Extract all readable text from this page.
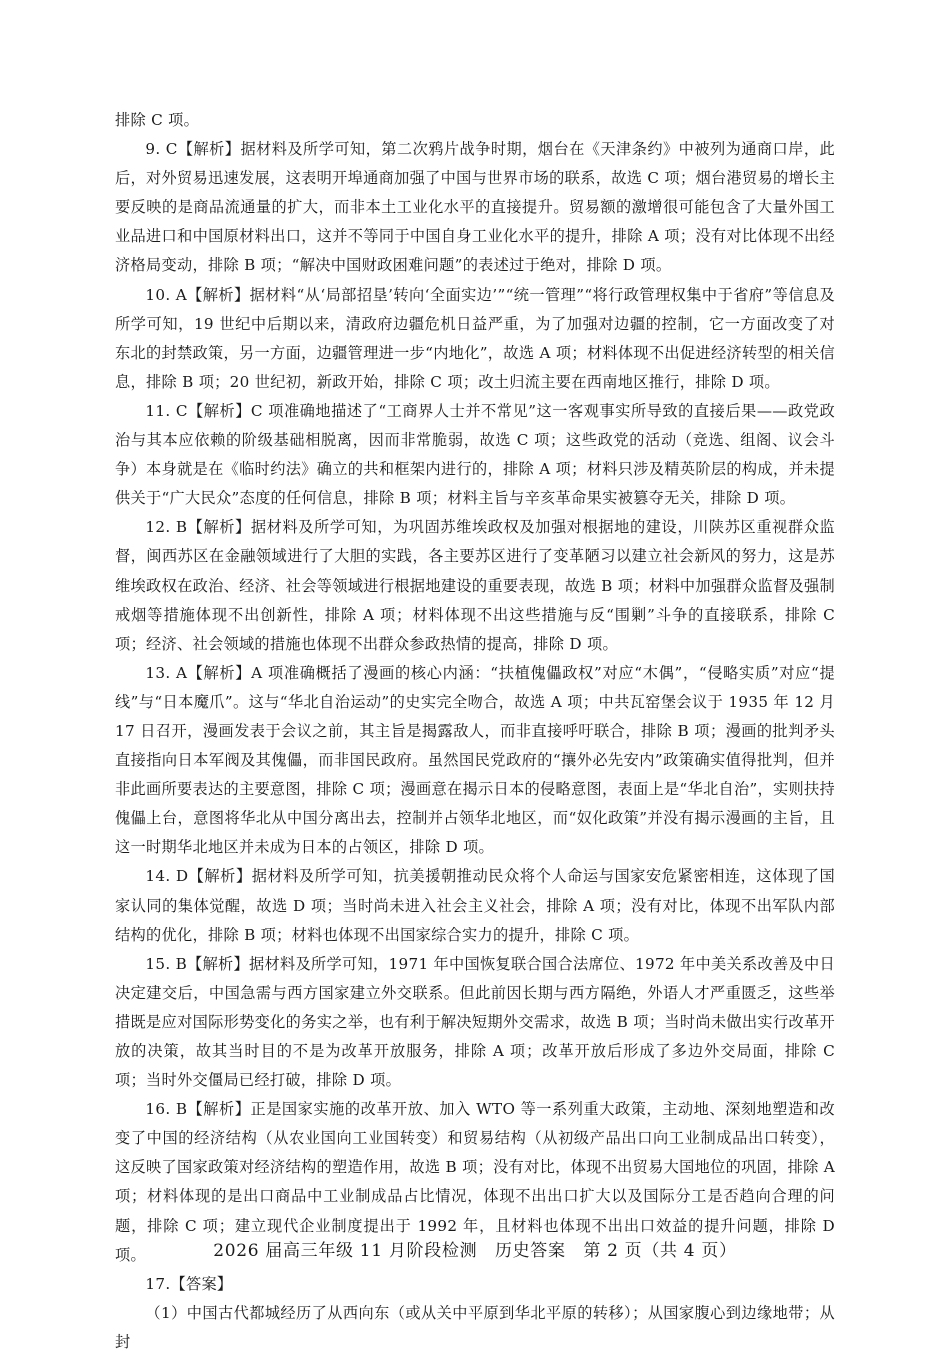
排除 C 项。

9. C【解析】据材料及所学可知，第二次鸦片战争时期，烟台在《天津条约》中被列为通商口岸，此后，对外贸易迅速发展，这表明开埠通商加强了中国与世界市场的联系，故选 C 项；烟台港贸易的增长主要反映的是商品流通量的扩大，而非本土工业化水平的直接提升。贸易额的激增很可能包含了大量外国工业品进口和中国原材料出口，这并不等同于中国自身工业化水平的提升，排除 A 项；没有对比体现不出经济格局变动，排除 B 项；“解决中国财政困难问题”的表述过于绝对，排除 D 项。

10. A【解析】据材料“从‘局部招垦’转向‘全面实边’”“统一管理”“将行政管理权集中于省府”等信息及所学可知，19 世纪中后期以来，清政府边疆危机日益严重，为了加强对边疆的控制，它一方面改变了对东北的封禁政策，另一方面，边疆管理进一步“内地化”，故选 A 项；材料体现不出促进经济转型的相关信息，排除 B 项；20 世纪初，新政开始，排除 C 项；改土归流主要在西南地区推行，排除 D 项。

11. C【解析】C 项准确地描述了“工商界人士并不常见”这一客观事实所导致的直接后果——政党政治与其本应依赖的阶级基础相脱离，因而非常脆弱，故选 C 项；这些政党的活动（竞选、组阁、议会斗争）本身就是在《临时约法》确立的共和框架内进行的，排除 A 项；材料只涉及精英阶层的构成，并未提供关于“广大民众”态度的任何信息，排除 B 项；材料主旨与辛亥革命果实被篡夺无关，排除 D 项。

12. B【解析】据材料及所学可知，为巩固苏维埃政权及加强对根据地的建设，川陕苏区重视群众监督，闽西苏区在金融领域进行了大胆的实践，各主要苏区进行了变革陋习以建立社会新风的努力，这是苏维埃政权在政治、经济、社会等领域进行根据地建设的重要表现，故选 B 项；材料中加强群众监督及强制戒烟等措施体现不出创新性，排除 A 项；材料体现不出这些措施与反“围剿”斗争的直接联系，排除 C 项；经济、社会领域的措施也体现不出群众参政热情的提高，排除 D 项。

13. A【解析】A 项准确概括了漫画的核心内涵：“扶植傀儡政权”对应“木偶”，“侵略实质”对应“提线”与“日本魔爪”。这与“华北自治运动”的史实完全吻合，故选 A 项；中共瓦窑堡会议于 1935 年 12 月 17 日召开，漫画发表于会议之前，其主旨是揭露敌人，而非直接呼吁联合，排除 B 项；漫画的批判矛头直接指向日本军阀及其傀儡，而非国民政府。虽然国民党政府的“攘外必先安内”政策确实值得批判，但并非此画所要表达的主要意图，排除 C 项；漫画意在揭示日本的侵略意图，表面上是“华北自治”，实则扶持傀儡上台，意图将华北从中国分离出去，控制并占领华北地区，而“奴化政策”并没有揭示漫画的主旨，且这一时期华北地区并未成为日本的占领区，排除 D 项。

14. D【解析】据材料及所学可知，抗美援朝推动民众将个人命运与国家安危紧密相连，这体现了国家认同的集体觉醒，故选 D 项；当时尚未进入社会主义社会，排除 A 项；没有对比，体现不出军队内部结构的优化，排除 B 项；材料也体现不出国家综合实力的提升，排除 C 项。

15. B【解析】据材料及所学可知，1971 年中国恢复联合国合法席位、1972 年中美关系改善及中日决定建交后，中国急需与西方国家建立外交联系。但此前因长期与西方隔绝，外语人才严重匮乏，这些举措既是应对国际形势变化的务实之举，也有利于解决短期外交需求，故选 B 项；当时尚未做出实行改革开放的决策，故其当时目的不是为改革开放服务，排除 A 项；改革开放后形成了多边外交局面，排除 C 项；当时外交僵局已经打破，排除 D 项。

16. B【解析】正是国家实施的改革开放、加入 WTO 等一系列重大政策，主动地、深刻地塑造和改变了中国的经济结构（从农业国向工业国转变）和贸易结构（从初级产品出口向工业制成品出口转变），这反映了国家政策对经济结构的塑造作用，故选 B 项；没有对比，体现不出贸易大国地位的巩固，排除 A 项；材料体现的是出口商品中工业制成品占比情况，体现不出出口扩大以及国际分工是否趋向合理的问题，排除 C 项；建立现代企业制度提出于 1992 年，且材料也体现不出出口效益的提升问题，排除 D 项。

17.【答案】

（1）中国古代都城经历了从西向东（或从关中平原到华北平原的转移）；从国家腹心到边缘地带；从封

2026 届高三年级 11 月阶段检测　历史答案　第 2 页（共 4 页）
